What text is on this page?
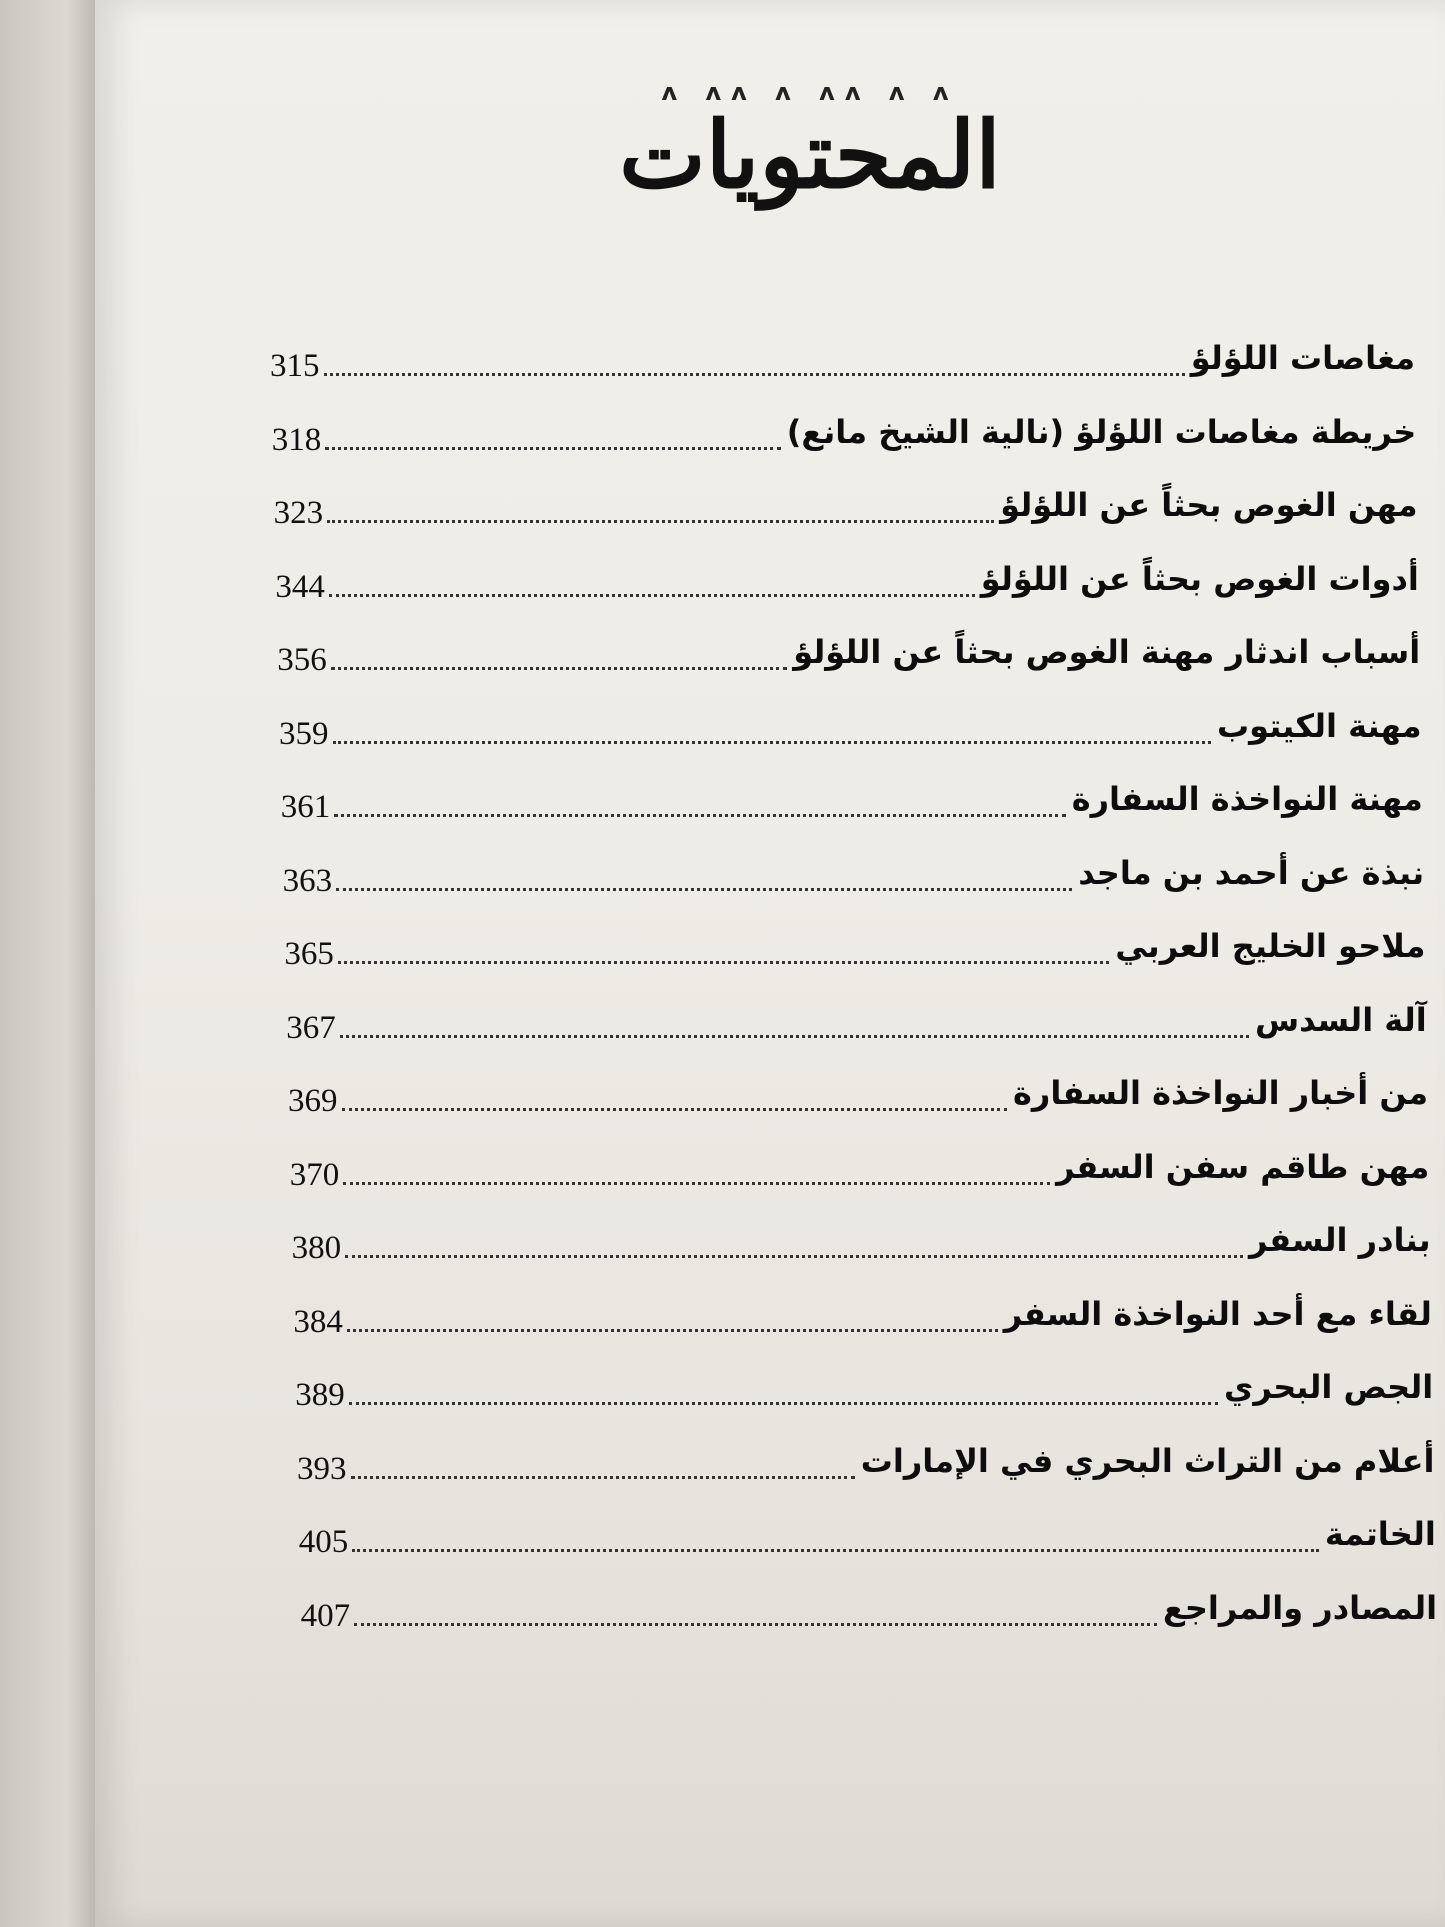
ʌ ʌʌ ʌ ʌʌ ʌ ʌ
المحتويات
315	مغاصات اللؤلؤ
318	خريطة مغاصات اللؤلؤ (نالية الشيخ مانع)
323	مهن الغوص بحثاً عن اللؤلؤ
344	أدوات الغوص بحثاً عن اللؤلؤ
356	أسباب اندثار مهنة الغوص بحثاً عن اللؤلؤ
359	مهنة الكيتوب
361	مهنة النواخذة السفارة
363	نبذة عن أحمد بن ماجد
365	ملاحو الخليج العربي
367	آلة السدس
369	من أخبار النواخذة السفارة
370	مهن طاقم سفن السفر
380	بنادر السفر
384	لقاء مع أحد النواخذة السفر
389	الجص البحري
393	أعلام من التراث البحري في الإمارات
405	الخاتمة
407	المصادر والمراجع
